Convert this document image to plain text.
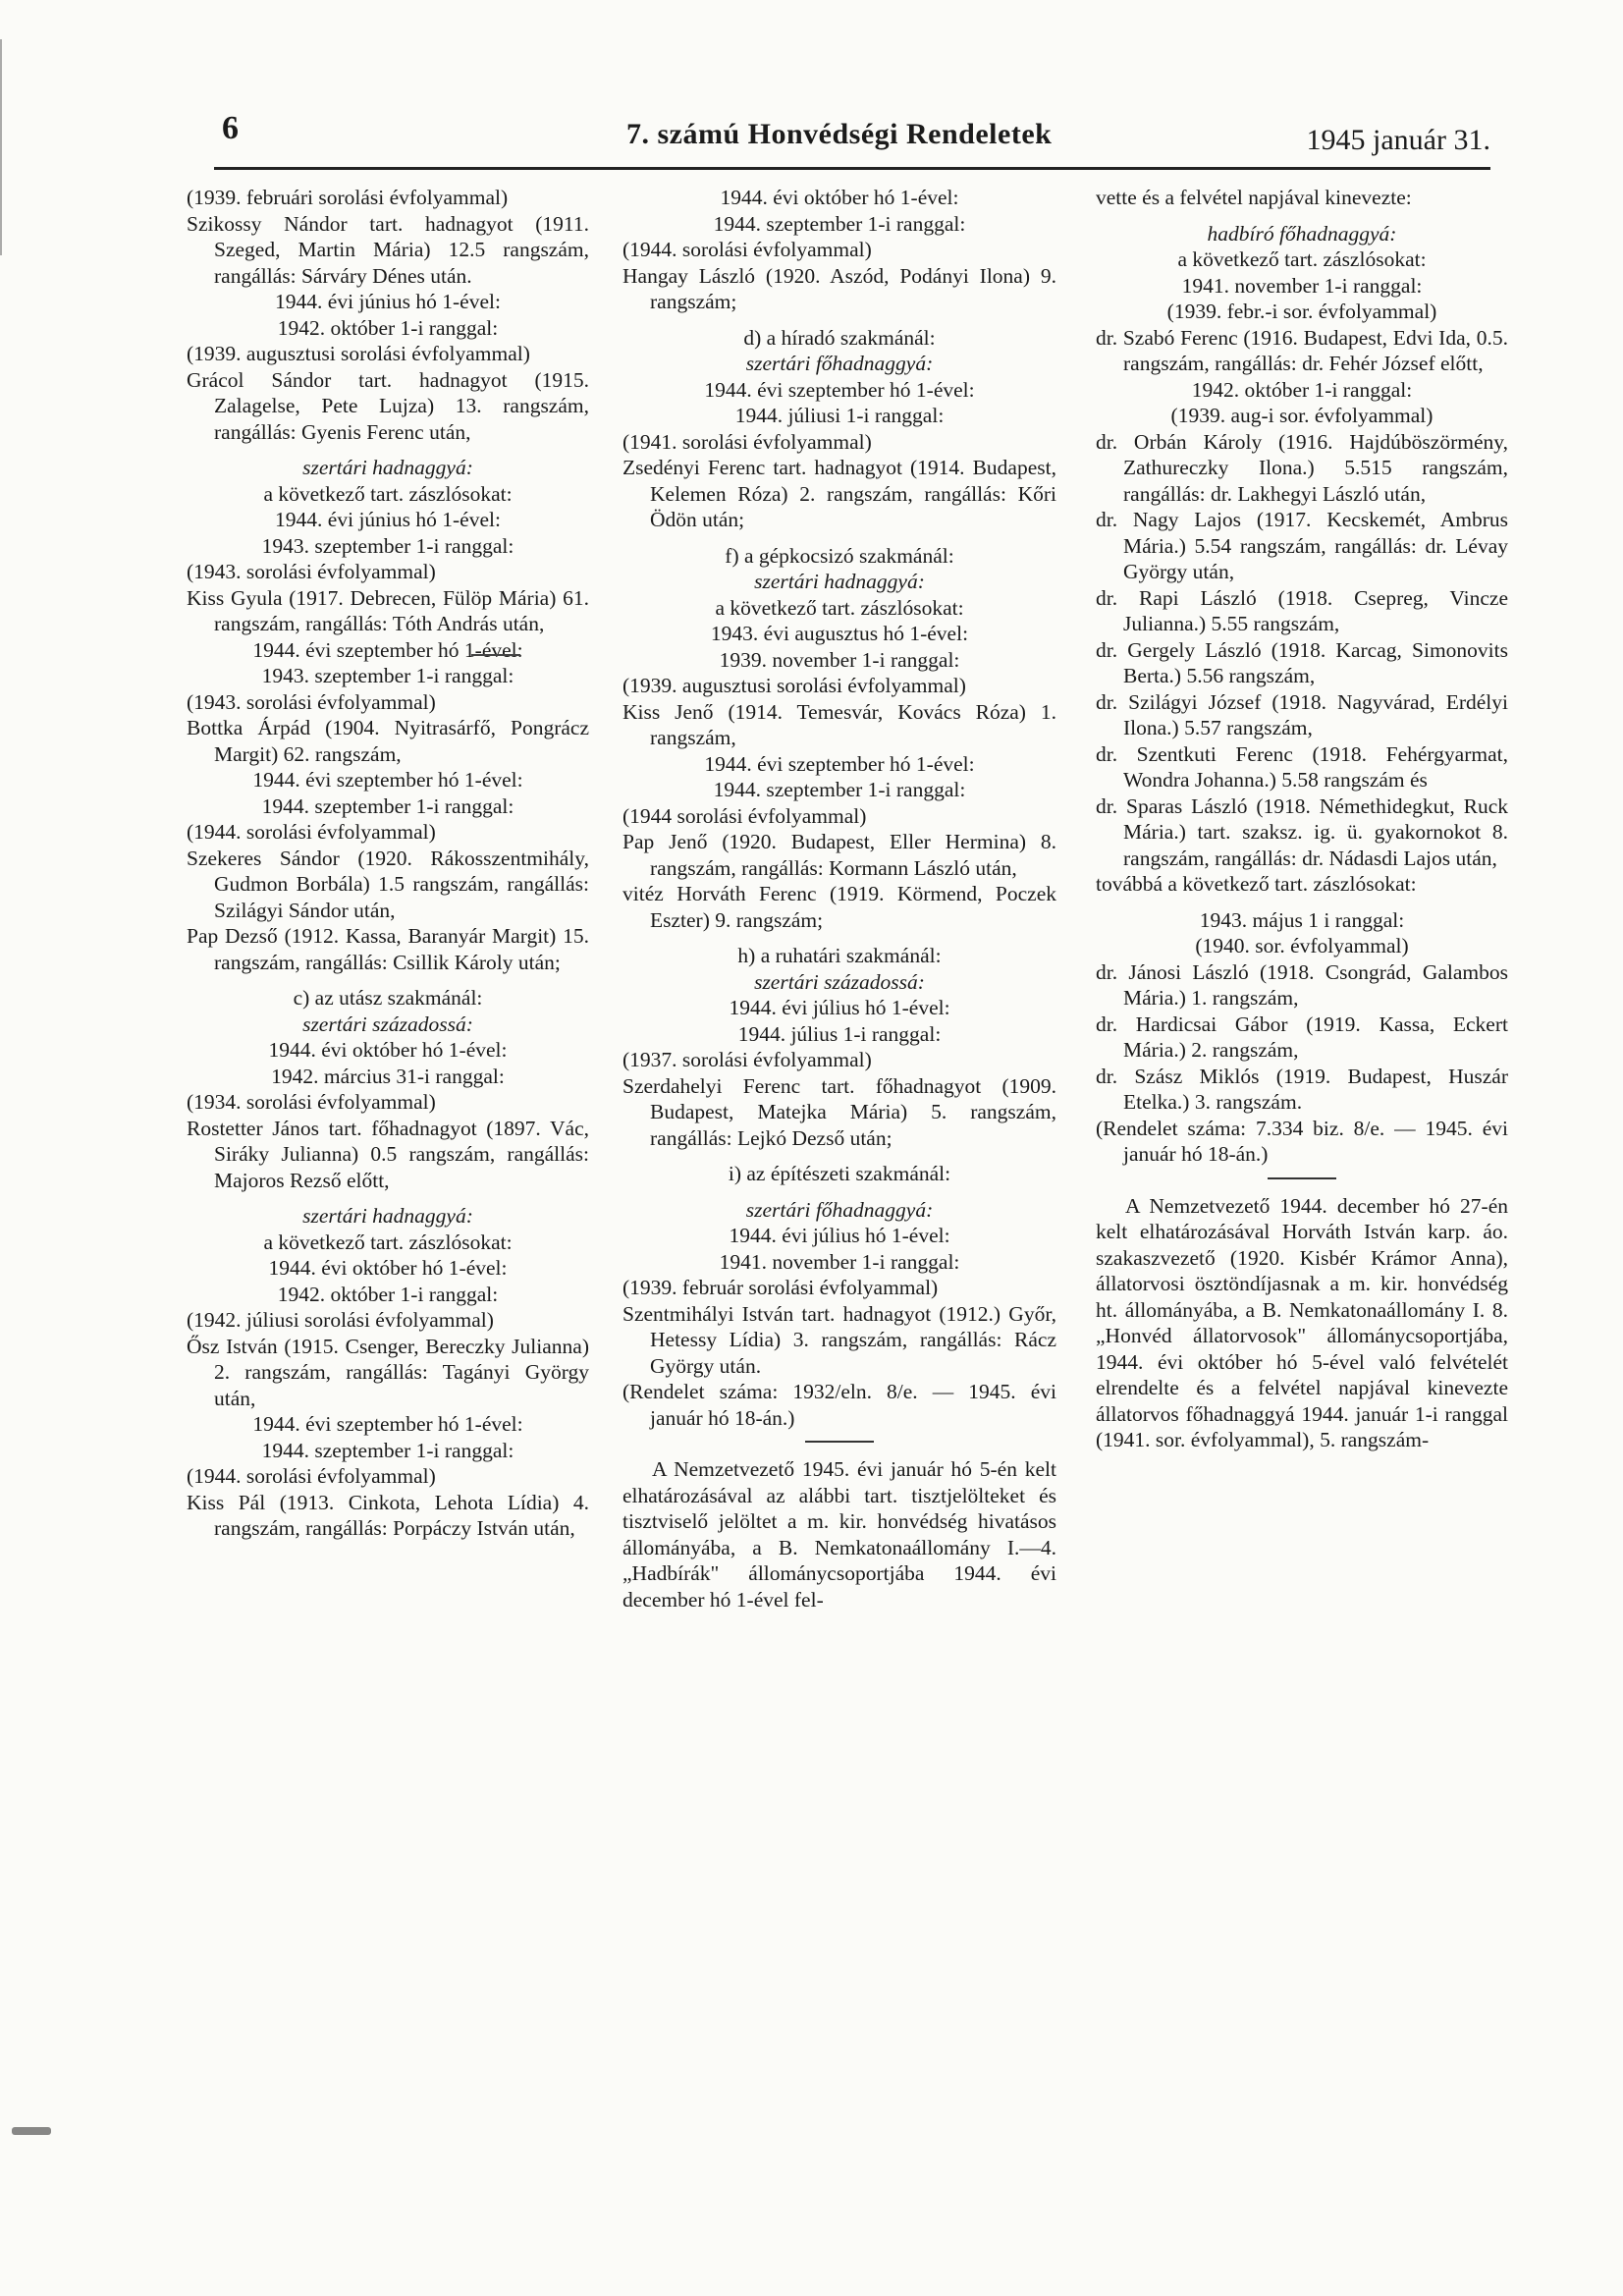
6	7. számú Honvédségi Rendeletek	1945 január 31.

(1939. februári sorolási évfolyammal)

Szikossy Nándor tart. hadnagyot (1911. Szeged, Martin Mária) 12.5 rangszám, rangállás: Sárváry Dénes után.

1944. évi június hó 1-ével:

1942. október 1-i ranggal:

(1939. augusztusi sorolási évfolyammal)

Grácol Sándor tart. hadnagyot (1915. Zalagelse, Pete Lujza) 13. rangszám, rangállás: Gyenis Ferenc után,

szertári hadnaggyá:

a következő tart. zászlósokat:

1944. évi június hó 1-ével:

1943. szeptember 1-i ranggal:

(1943. sorolási évfolyammal)

Kiss Gyula (1917. Debrecen, Fülöp Mária) 61. rangszám, rangállás: Tóth András után,

1944. évi szeptember hó 1-ével:

1943. szeptember 1-i ranggal:

(1943. sorolási évfolyammal)

Bottka Árpád (1904. Nyitrasárfő, Pongrácz Margit) 62. rangszám,

1944. évi szeptember hó 1-ével:

1944. szeptember 1-i ranggal:

(1944. sorolási évfolyammal)

Szekeres Sándor (1920. Rákosszentmihály, Gudmon Borbála) 1.5 rangszám, rangállás: Szilágyi Sándor után,

Pap Dezső (1912. Kassa, Baranyár Margit) 15. rangszám, rangállás: Csillik Károly után;

c) az utász szakmánál:

szertári századossá:

1944. évi október hó 1-ével:

1942. március 31-i ranggal:

(1934. sorolási évfolyammal)

Rostetter János tart. főhadnagyot (1897. Vác, Siráky Julianna) 0.5 rangszám, rangállás: Majoros Rezső előtt,

szertári hadnaggyá:

a következő tart. zászlósokat:

1944. évi október hó 1-ével:

1942. október 1-i ranggal:

(1942. júliusi sorolási évfolyammal)

Ősz István (1915. Csenger, Bereczky Julianna) 2. rangszám, rangállás: Tagányi György után,

1944. évi szeptember hó 1-ével:

1944. szeptember 1-i ranggal:

(1944. sorolási évfolyammal)

Kiss Pál (1913. Cinkota, Lehota Lídia) 4. rangszám, rangállás: Porpáczy István után,

1944. évi október hó 1-ével:

1944. szeptember 1-i ranggal:

(1944. sorolási évfolyammal)

Hangay László (1920. Aszód, Podányi Ilona) 9. rangszám;

d) a híradó szakmánál:

szertári főhadnaggyá:

1944. évi szeptember hó 1-ével:

1944. júliusi 1-i ranggal:

(1941. sorolási évfolyammal)

Zsedényi Ferenc tart. hadnagyot (1914. Budapest, Kelemen Róza) 2. rangszám, rangállás: Kőri Ödön után;

f) a gépkocsizó szakmánál:

szertári hadnaggyá:

a következő tart. zászlósokat:

1943. évi augusztus hó 1-ével:

1939. november 1-i ranggal:

(1939. augusztusi sorolási évfolyammal)

Kiss Jenő (1914. Temesvár, Kovács Róza) 1. rangszám,

1944. évi szeptember hó 1-ével:

1944. szeptember 1-i ranggal:

(1944 sorolási évfolyammal)

Pap Jenő (1920. Budapest, Eller Hermina) 8. rangszám, rangállás: Kormann László után,

vitéz Horváth Ferenc (1919. Körmend, Poczek Eszter) 9. rangszám;

h) a ruhatári szakmánál:

szertári századossá:

1944. évi július hó 1-ével:

1944. július 1-i ranggal:

(1937. sorolási évfolyammal)

Szerdahelyi Ferenc tart. főhadnagyot (1909. Budapest, Matejka Mária) 5. rangszám, rangállás: Lejkó Dezső után;

i) az építészeti szakmánál:

szertári főhadnaggyá:

1944. évi július hó 1-ével:

1941. november 1-i ranggal:

(1939. február sorolási évfolyammal)

Szentmihályi István tart. hadnagyot (1912.) Győr, Hetessy Lídia) 3. rangszám, rangállás: Rácz György után.

(Rendelet száma: 1932/eln. 8/e. — 1945. évi január hó 18-án.)

A Nemzetvezető 1945. évi január hó 5-én kelt elhatározásával az alábbi tart. tisztjelölteket és tisztviselő jelöltet a m. kir. honvédség hivatásos állományába, a B. Nemkatonaállomány I.—4. „Hadbírák" állománycsoportjába 1944. évi december hó 1-ével fel-

vette és a felvétel napjával kinevezte:

hadbíró főhadnaggyá:

a következő tart. zászlósokat:

1941. november 1-i ranggal:

(1939. febr.-i sor. évfolyammal)

dr. Szabó Ferenc (1916. Budapest, Edvi Ida, 0.5. rangszám, rangállás: dr. Fehér József előtt,

1942. október 1-i ranggal:

(1939. aug-i sor. évfolyammal)

dr. Orbán Károly (1916. Hajdúböszörmény, Zathureczky Ilona.) 5.515 rangszám, rangállás: dr. Lakhegyi László után,

dr. Nagy Lajos (1917. Kecskemét, Ambrus Mária.) 5.54 rangszám, rangállás: dr. Lévay György után,

dr. Rapi László (1918. Csepreg, Vincze Julianna.) 5.55 rangszám,

dr. Gergely László (1918. Karcag, Simonovits Berta.) 5.56 rangszám,

dr. Szilágyi József (1918. Nagyvárad, Erdélyi Ilona.) 5.57 rangszám,

dr. Szentkuti Ferenc (1918. Fehérgyarmat, Wondra Johanna.) 5.58 rangszám és

dr. Sparas László (1918. Némethidegkut, Ruck Mária.) tart. szaksz. ig. ü. gyakornokot 8. rangszám, rangállás: dr. Nádasdi Lajos után,

továbbá a következő tart. zászlósokat:

1943. május 1 i ranggal:

(1940. sor. évfolyammal)

dr. Jánosi László (1918. Csongrád, Galambos Mária.) 1. rangszám,

dr. Hardicsai Gábor (1919. Kassa, Eckert Mária.) 2. rangszám,

dr. Szász Miklós (1919. Budapest, Huszár Etelka.) 3. rangszám.

(Rendelet száma: 7.334 biz. 8/e. — 1945. évi január hó 18-án.)

A Nemzetvezető 1944. december hó 27-én kelt elhatározásával Horváth István karp. áo. szakaszvezető (1920. Kisbér Krámor Anna), állatorvosi ösztöndíjasnak a m. kir. honvédség ht. állományába, a B. Nemkatonaállomány I. 8. „Honvéd állatorvosok" állománycsoportjába, 1944. évi október hó 5-ével való felvételét elrendelte és a felvétel napjával kinevezte állatorvos főhadnaggyá 1944. január 1-i ranggal (1941. sor. évfolyammal), 5. rangszám-
